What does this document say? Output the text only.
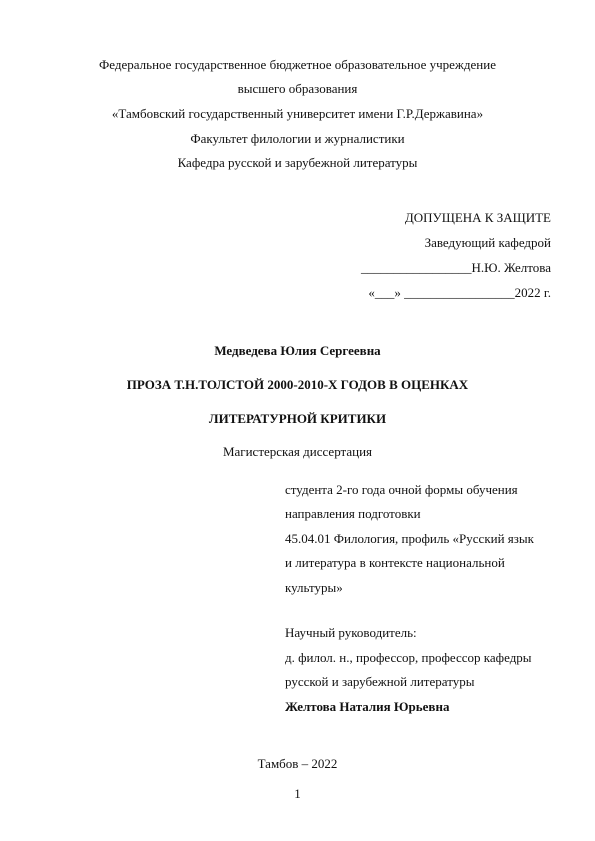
Федеральное государственное бюджетное образовательное учреждение
высшего образования
«Тамбовский государственный университет имени Г.Р.Державина»
Факультет филологии и журналистики
Кафедра русской и зарубежной литературы
ДОПУЩЕНА К ЗАЩИТЕ
Заведующий кафедрой
_________________Н.Ю. Желтова
«___» _________________2022 г.
Медведева Юлия Сергеевна
ПРОЗА Т.Н.ТОЛСТОЙ 2000-2010-Х ГОДОВ В ОЦЕНКАХ
ЛИТЕРАТУРНОЙ КРИТИКИ
Магистерская диссертация
студента 2-го года очной формы обучения
направления подготовки
45.04.01 Филология, профиль «Русский язык
и литература в контексте национальной
культуры»
Научный руководитель:
д. филол. н., профессор, профессор кафедры
русской и зарубежной литературы
Желтова Наталия Юрьевна
Тамбов – 2022
1
